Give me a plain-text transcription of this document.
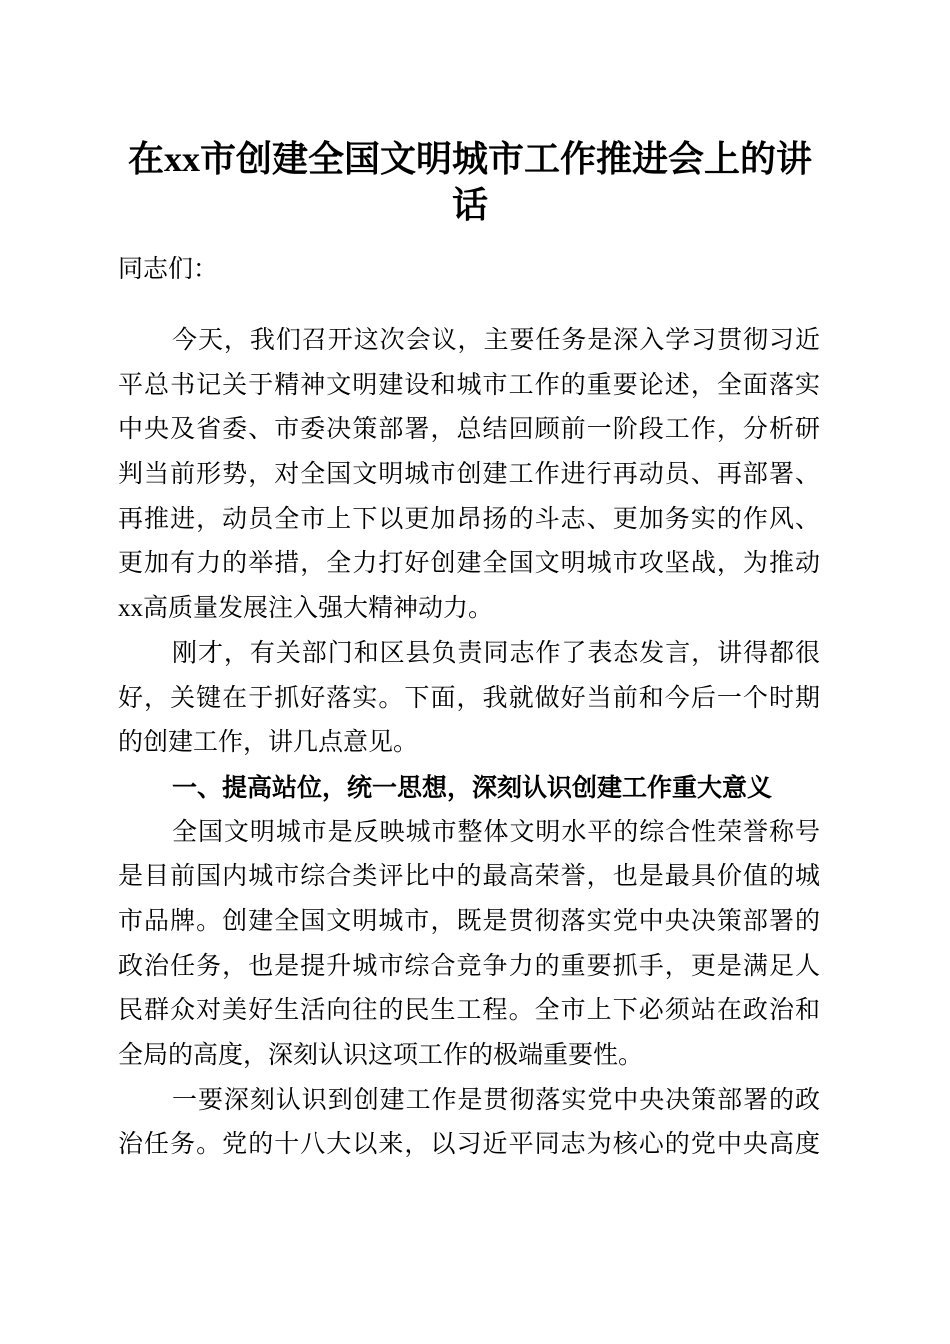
在xx市创建全国文明城市工作推进会上的讲
话
同志们：
今天，我们召开这次会议，主要任务是深入学习贯彻习近
平总书记关于精神文明建设和城市工作的重要论述，全面落实
中央及省委、市委决策部署，总结回顾前一阶段工作，分析研
判当前形势，对全国文明城市创建工作进行再动员、再部署、
再推进，动员全市上下以更加昂扬的斗志、更加务实的作风、
更加有力的举措，全力打好创建全国文明城市攻坚战，为推动
xx高质量发展注入强大精神动力。
刚才，有关部门和区县负责同志作了表态发言，讲得都很
好，关键在于抓好落实。下面，我就做好当前和今后一个时期
的创建工作，讲几点意见。
一、提高站位，统一思想，深刻认识创建工作重大意义
全国文明城市是反映城市整体文明水平的综合性荣誉称号
是目前国内城市综合类评比中的最高荣誉，也是最具价值的城
市品牌。创建全国文明城市，既是贯彻落实党中央决策部署的
政治任务，也是提升城市综合竞争力的重要抓手，更是满足人
民群众对美好生活向往的民生工程。全市上下必须站在政治和
全局的高度，深刻认识这项工作的极端重要性。
一要深刻认识到创建工作是贯彻落实党中央决策部署的政
治任务。党的十八大以来，以习近平同志为核心的党中央高度
